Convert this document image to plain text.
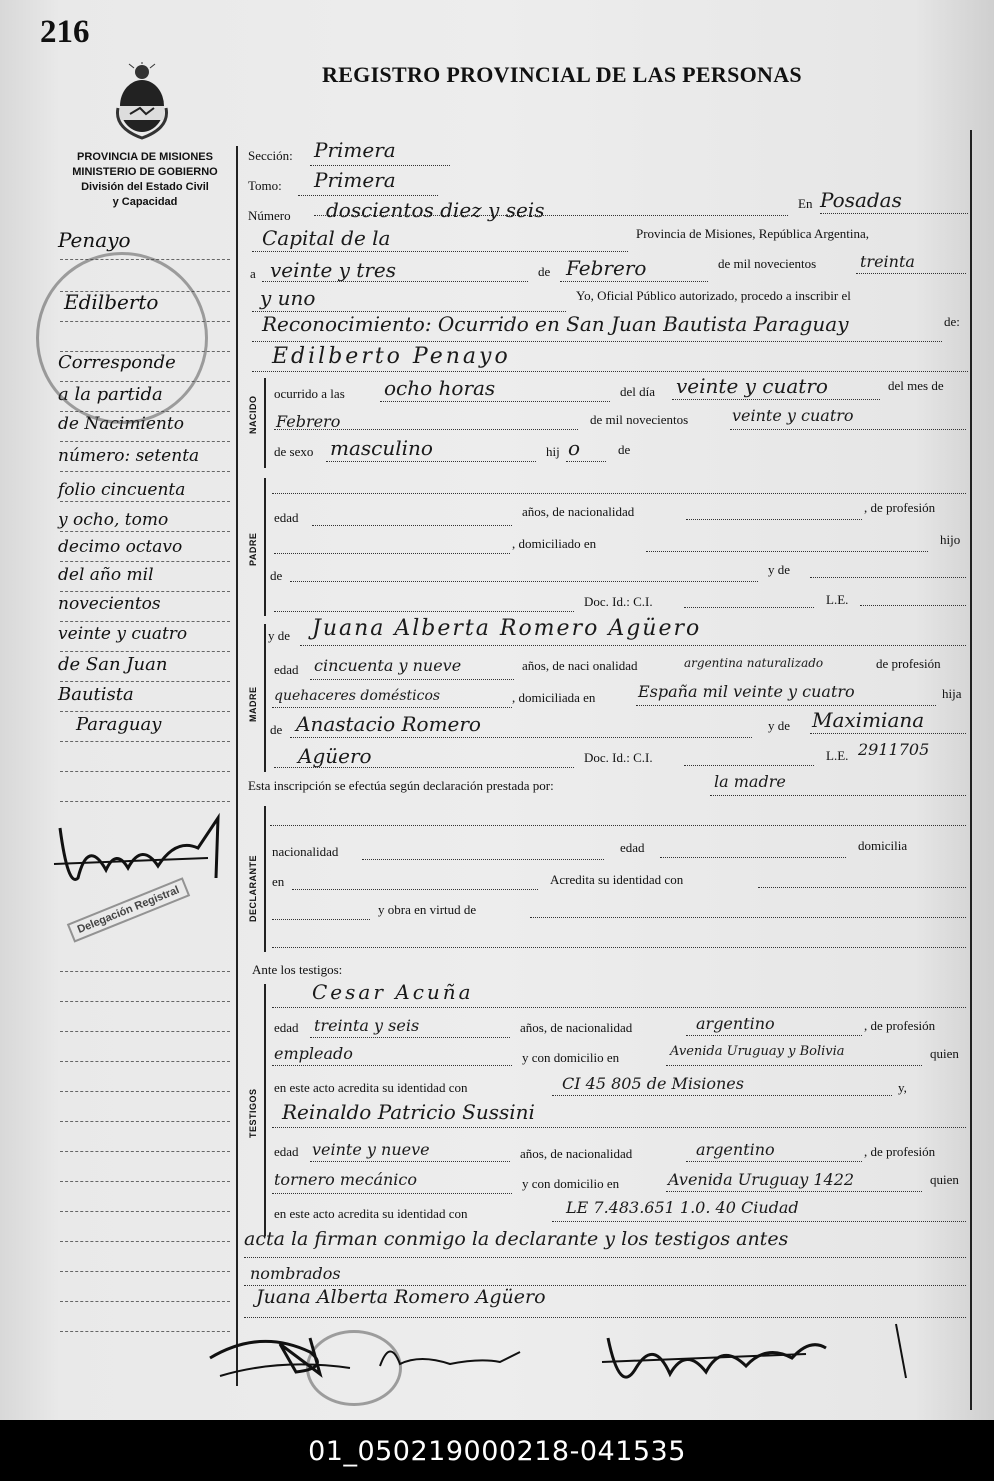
216
REGISTRO PROVINCIAL DE LAS PERSONAS
PROVINCIA DE MISIONES
MINISTERIO DE GOBIERNO
División del Estado Civil
y Capacidad
Penayo
Edilberto
Corresponde
a la partida
de Nacimiento
número: setenta
folio cincuenta
y ocho, tomo
decimo octavo
del año mil
novecientos
veinte y cuatro
de San Juan
Bautista
Paraguay
Delegación Registral
Sección: Primera
Tomo: Primera
Número doscientos diez y seis	En Posadas
Capital de la	Provincia de Misiones, República Argentina,
a veinte y tres	de Febrero	de mil novecientos	treinta
y uno	Yo, Oficial Público autorizado, procedo a inscribir el
Reconocimiento: Ocurrido en San Juan Bautista Paraguay	de:
Edilberto Penayo
NACIDO
ocurrido a las ocho horas	del día veinte y cuatro	del mes de
Febrero	de mil novecientos	veinte y cuatro
de sexo masculino	hij o	de
PADRE
edad	años, de nacionalidad	, de profesión
, domiciliado en	hijo
de	y de
Doc. Id.: C.I.	L.E.
MADRE
y de Juana Alberta Romero Agüero
edad cincuenta y nueve	años, de naci onalidad	argentina naturalizado	de profesión
quehaceres domésticos	, domiciliada en	España mil veinte y cuatro	hija
de Anastacio Romero	y de Maximiana
Agüero	Doc. Id.: C.I.	L.E. 2911705
Esta inscripción se efectúa según declaración prestada por:	la madre
DECLARANTE
nacionalidad	edad	domicilia
en	Acredita su identidad con
y obra en virtud de
Ante los testigos:
TESTIGOS
Cesar Acuña
edad treinta y seis	años, de nacionalidad	argentino	, de profesión
empleado	y con domicilio en	Avenida Uruguay y Bolivia	quien
en este acto acredita su identidad con	CI 45 805 de Misiones	y,
Reinaldo Patricio Sussini
edad veinte y nueve	años, de nacionalidad	argentino	, de profesión
tornero mecánico	y con domicilio en	Avenida Uruguay 1422	quien
en este acto acredita su identidad con	LE 7.483.651 1.0. 40 Ciudad
acta la firman conmigo la declarante y los testigos antes
nombrados
Juana Alberta Romero Agüero
01_050219000218-041535
